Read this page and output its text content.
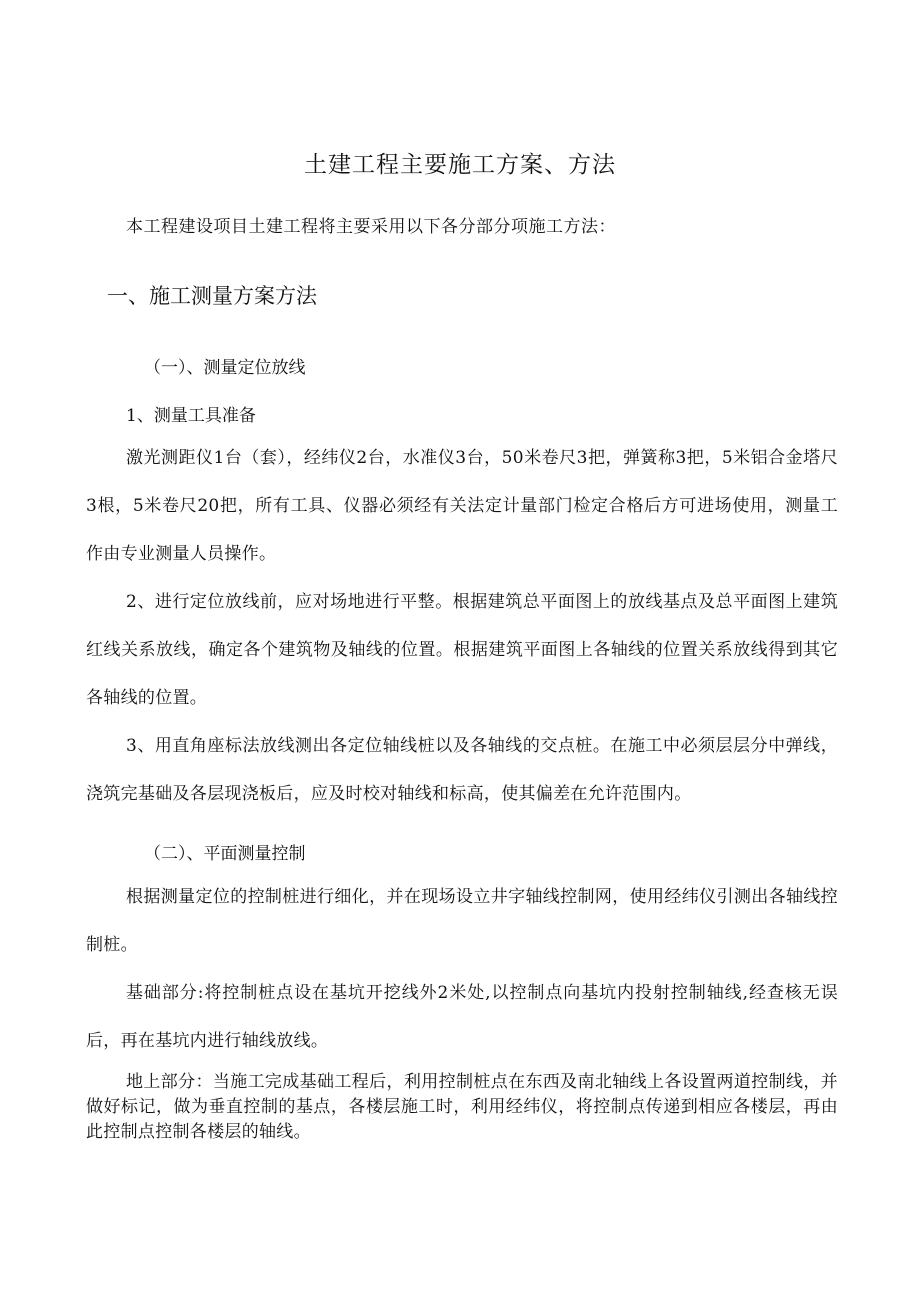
土建工程主要施工方案、方法
本工程建设项目土建工程将主要采用以下各分部分项施工方法：
一、施工测量方案方法
（一）、测量定位放线
1、测量工具准备
激光测距仪1台（套），经纬仪2台，水准仪3台，50米卷尺3把，弹簧称3把，5米铝合金塔尺3根，5米卷尺20把，所有工具、仪器必须经有关法定计量部门检定合格后方可进场使用，测量工作由专业测量人员操作。
2、进行定位放线前，应对场地进行平整。根据建筑总平面图上的放线基点及总平面图上建筑红线关系放线，确定各个建筑物及轴线的位置。根据建筑平面图上各轴线的位置关系放线得到其它各轴线的位置。
3、用直角座标法放线测出各定位轴线桩以及各轴线的交点桩。在施工中必须层层分中弹线，浇筑完基础及各层现浇板后，应及时校对轴线和标高，使其偏差在允许范围内。
（二）、平面测量控制
根据测量定位的控制桩进行细化，并在现场设立井字轴线控制网，使用经纬仪引测出各轴线控制桩。
基础部分:将控制桩点设在基坑开挖线外2米处,以控制点向基坑内投射控制轴线,经查核无误后，再在基坑内进行轴线放线。
地上部分：当施工完成基础工程后，利用控制桩点在东西及南北轴线上各设置两道控制线，并做好标记，做为垂直控制的基点，各楼层施工时，利用经纬仪，将控制点传递到相应各楼层，再由此控制点控制各楼层的轴线。
